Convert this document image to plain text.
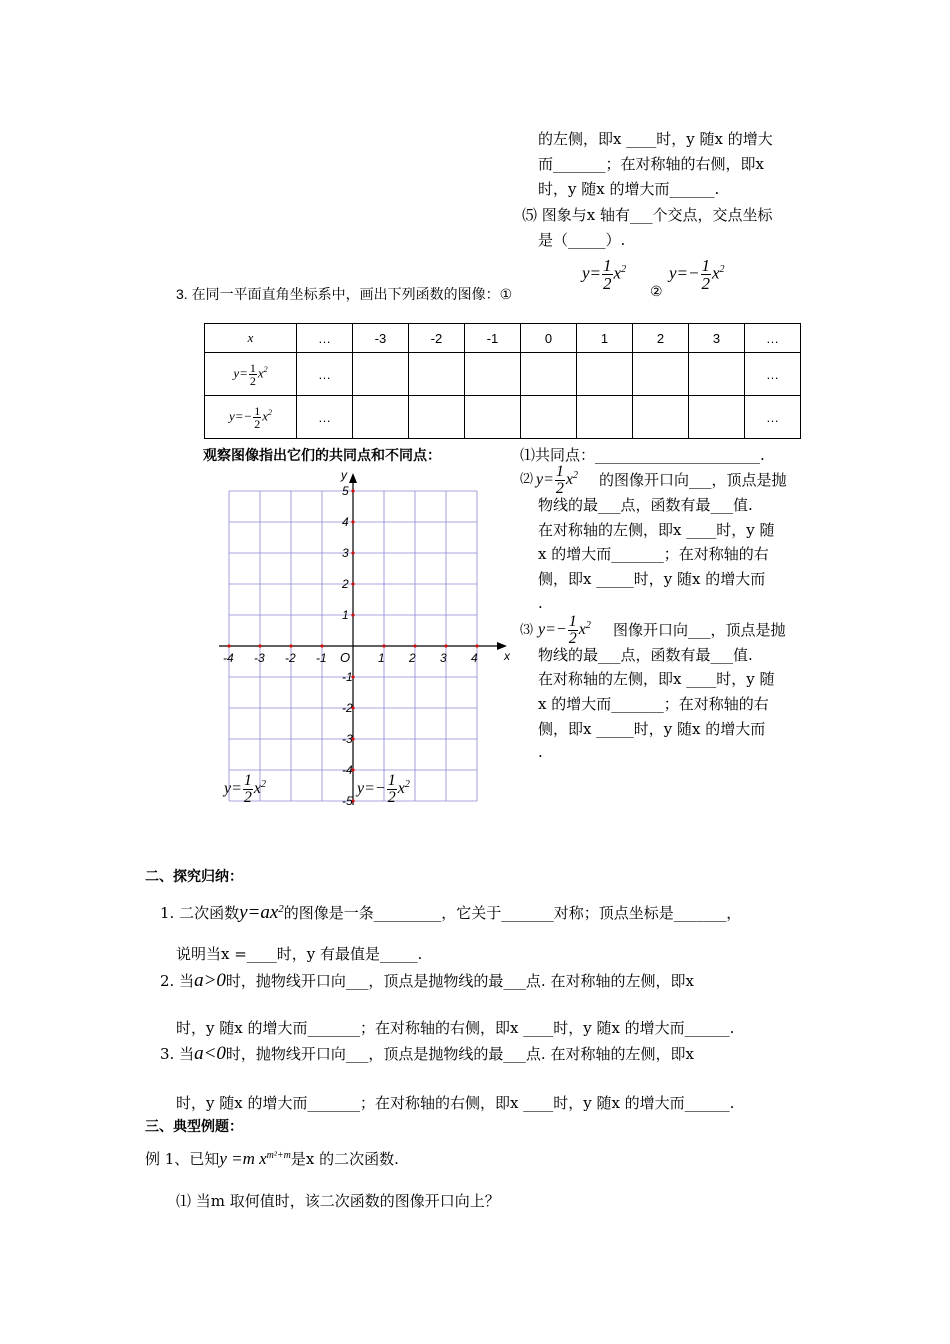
的左侧，即x ____时，y 随x 的增大
而_______；在对称轴的右侧，即x
时，y 随x 的增大而______.
⑸ 图象与x 轴有___个交点，交点坐标
是（_____）.
3. 在同一平面直角坐标系中，画出下列函数的图像：①
$y= \frac{1}{2} x^2$
②
$y=- \frac{1}{2} x^2$
x	…	-3	-2	-1	0	1	2	3	…
$y= \frac{1}{2} x^2$	…								…
$y=- \frac{1}{2} x^2$	…								…
观察图像指出它们的共同点和不同点：
x
y
O
-4 -3 -2 -1	1 2 3 4
5
4
3
2
1
-1
-2
-3
-4
-5
$y= \frac{1}{2} x^2$	$y=- \frac{1}{2} x^2$
⑴共同点：______________________.
⑵ $y= \frac{1}{2} x^2$ 的图像开口向___，顶点是抛
物线的最___点，函数有最___值.
在对称轴的左侧，即x ____时，y 随
x 的增大而_______；在对称轴的右
侧，即x _____时，y 随x 的增大而
.
⑶ $y=- \frac{1}{2} x^2$ 图像开口向___，顶点是抛
物线的最___点，函数有最___值.
在对称轴的左侧，即x ____时，y 随
x 的增大而_______；在对称轴的右
侧，即x _____时，y 随x 的增大而
.
二、探究归纳：
1. 二次函数$y=ax^2$的图像是一条_________，它关于_______对称；顶点坐标是_______，
说明当x =____时，y 有最值是_____.
2. 当a>0时，抛物线开口向___，顶点是抛物线的最___点. 在对称轴的左侧，即x
时，y 随x 的增大而_______；在对称轴的右侧，即x ____时，y 随x 的增大而______.
3. 当a<0时，抛物线开口向___，顶点是抛物线的最___点. 在对称轴的左侧，即x
时，y 随x 的增大而_______；在对称轴的右侧，即x ____时，y 随x 的增大而______.
三、典型例题：
例 1、已知y =m $x^{m^2+m}$是x 的二次函数.
⑴ 当m 取何值时，该二次函数的图像开口向上？
